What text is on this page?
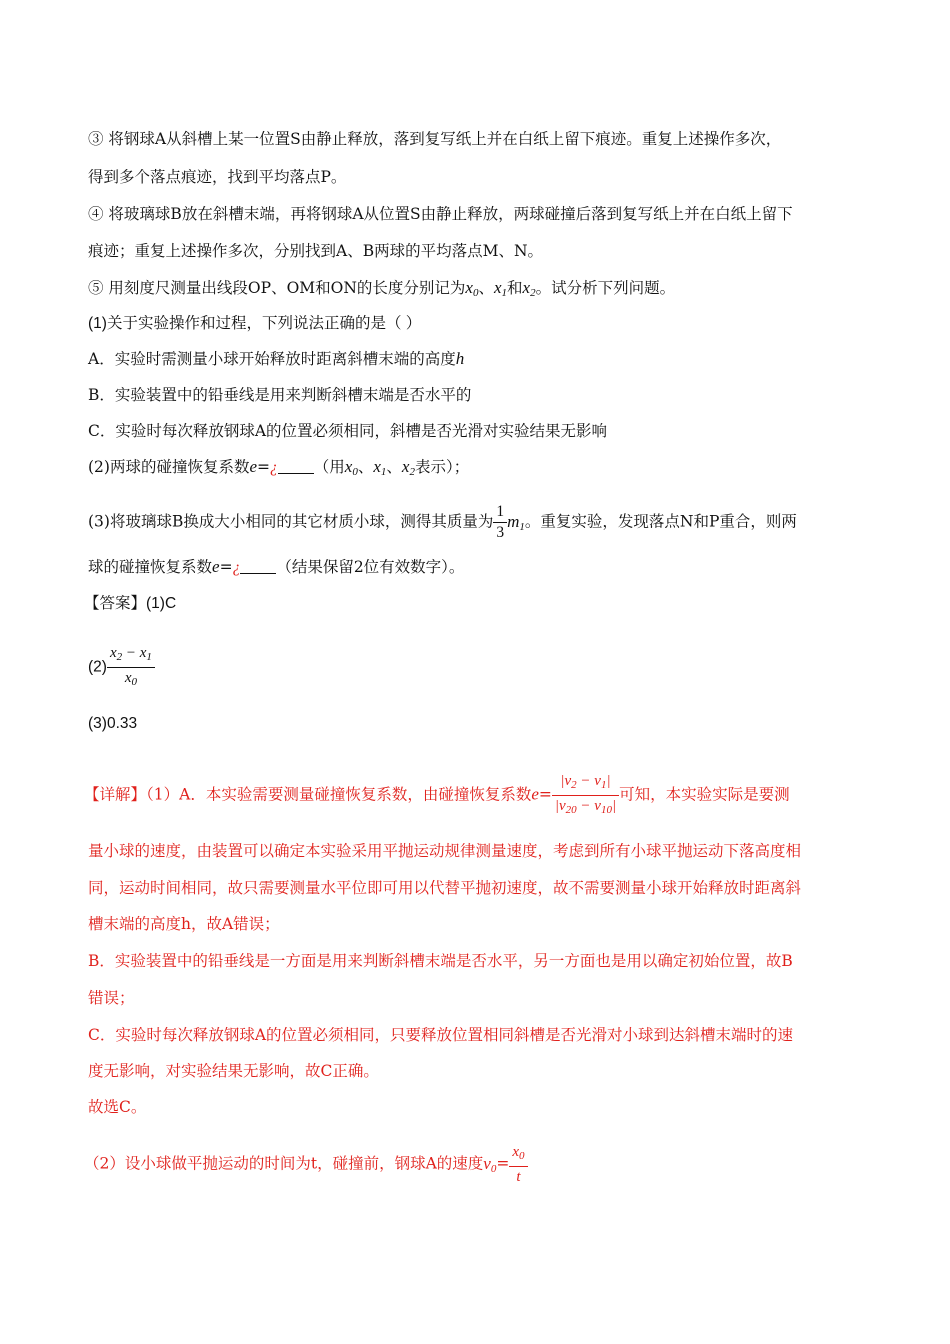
③ 将钢球A从斜槽上某一位置S由静止释放，落到复写纸上并在白纸上留下痕迹。重复上述操作多次，
得到多个落点痕迹，找到平均落点P。
④ 将玻璃球B放在斜槽末端，再将钢球A从位置S由静止释放，两球碰撞后落到复写纸上并在白纸上留下
痕迹；重复上述操作多次，分别找到A、B两球的平均落点M、N。
⑤ 用刻度尺测量出线段OP、OM和ON的长度分别记为$x_0$、$x_1$和$x_2$。试分析下列问题。
(1)关于实验操作和过程，下列说法正确的是（ ）
A．实验时需测量小球开始释放时距离斜槽末端的高度h
B．实验装置中的铅垂线是用来判断斜槽末端是否水平的
C．实验时每次释放钢球A的位置必须相同，斜槽是否光滑对实验结果无影响
(2)两球的碰撞恢复系数e=¿ （用$x_0$、$x_1$、$x_2$表示）；
(3)将玻璃球B换成大小相同的其它材质小球，测得其质量为 $\frac{1}{3} m_1$。重复实验，发现落点N和P重合，则两
球的碰撞恢复系数e=¿ （结果保留2位有效数字）。
【答案】(1)C
$(2) \frac{x_2 - x_1}{x_0}$
(3)0.33
【详解】（1）A．本实验需要测量碰撞恢复系数，由碰撞恢复系数$e= \frac{|v_2 - v_1|}{|v_{20} - v_{10}|}$ 可知，本实验实际是要测
量小球的速度，由装置可以确定本实验采用平抛运动规律测量速度，考虑到所有小球平抛运动下落高度相
同，运动时间相同，故只需要测量水平位即可用以代替平抛初速度，故不需要测量小球开始释放时距离斜
槽末端的高度h，故A错误；
B．实验装置中的铅垂线是一方面是用来判断斜槽末端是否水平，另一方面也是用以确定初始位置，故B
错误；
C．实验时每次释放钢球A的位置必须相同，只要释放位置相同斜槽是否光滑对小球到达斜槽末端时的速
度无影响，对实验结果无影响，故C正确。
故选C。
（2）设小球做平抛运动的时间为t，碰撞前，钢球A的速度$v_0= \frac{x_0}{t}$
